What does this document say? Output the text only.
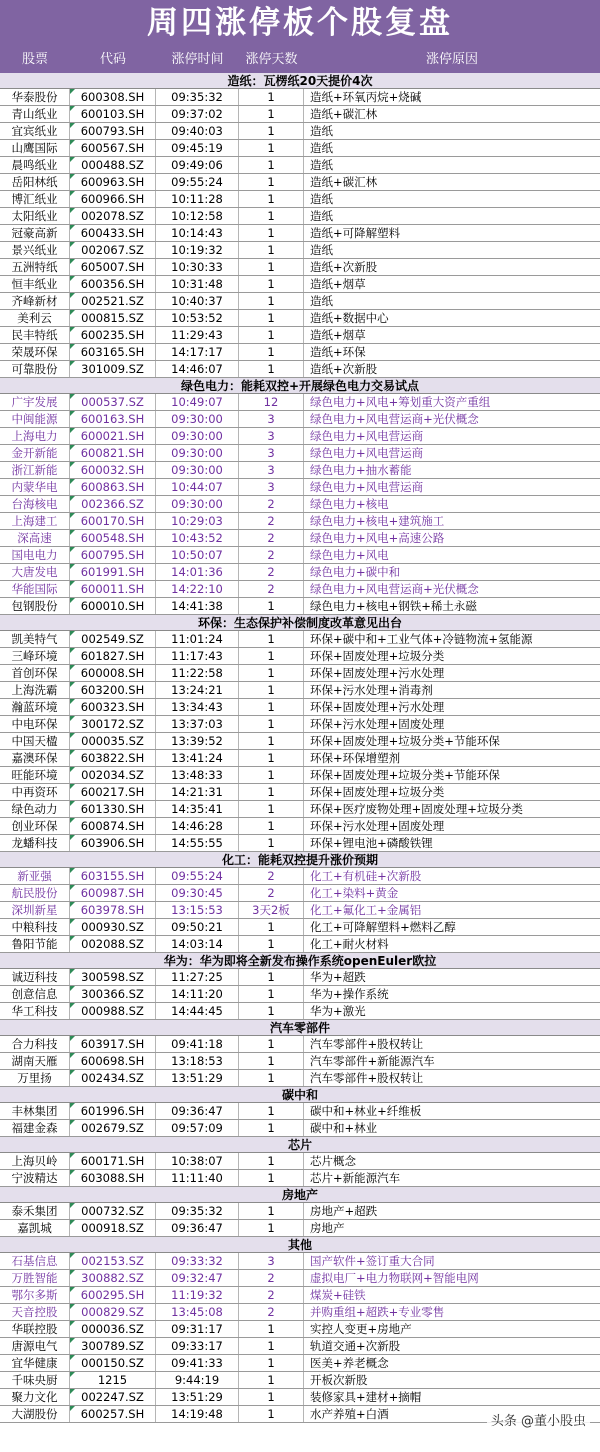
周四涨停板个股复盘
股票	代码	涨停时间	涨停天数	涨停原因
造纸：瓦楞纸20天提价4次
华泰股份	600308.SH	09:35:32	1	造纸+环氧丙烷+烧碱
青山纸业	600103.SH	09:37:02	1	造纸+碳汇林
宜宾纸业	600793.SH	09:40:03	1	造纸
山鹰国际	600567.SH	09:45:19	1	造纸
晨鸣纸业	000488.SZ	09:49:06	1	造纸
岳阳林纸	600963.SH	09:55:24	1	造纸+碳汇林
博汇纸业	600966.SH	10:11:28	1	造纸
太阳纸业	002078.SZ	10:12:58	1	造纸
冠豪高新	600433.SH	10:14:43	1	造纸+可降解塑料
景兴纸业	002067.SZ	10:19:32	1	造纸
五洲特纸	605007.SH	10:30:33	1	造纸+次新股
恒丰纸业	600356.SH	10:31:48	1	造纸+烟草
齐峰新材	002521.SZ	10:40:37	1	造纸
美利云	000815.SZ	10:53:52	1	造纸+数据中心
民丰特纸	600235.SH	11:29:43	1	造纸+烟草
荣晟环保	603165.SH	14:17:17	1	造纸+环保
可靠股份	301009.SZ	14:46:07	1	造纸+次新股
绿色电力：能耗双控+开展绿色电力交易试点
广宇发展	000537.SZ	10:49:07	12	绿色电力+风电+筹划重大资产重组
中闽能源	600163.SH	09:30:00	3	绿色电力+风电营运商+光伏概念
上海电力	600021.SH	09:30:00	3	绿色电力+风电营运商
金开新能	600821.SH	09:30:00	3	绿色电力+风电营运商
浙江新能	600032.SH	09:30:00	3	绿色电力+抽水蓄能
内蒙华电	600863.SH	10:44:07	3	绿色电力+风电营运商
台海核电	002366.SZ	09:30:00	2	绿色电力+核电
上海建工	600170.SH	10:29:03	2	绿色电力+核电+建筑施工
深高速	600548.SH	10:43:52	2	绿色电力+风电+高速公路
国电电力	600795.SH	10:50:07	2	绿色电力+风电
大唐发电	601991.SH	14:01:36	2	绿色电力+碳中和
华能国际	600011.SH	14:22:10	2	绿色电力+风电营运商+光伏概念
包钢股份	600010.SH	14:41:38	1	绿色电力+核电+钢铁+稀土永磁
环保：生态保护补偿制度改革意见出台
凯美特气	002549.SZ	11:01:24	1	环保+碳中和+工业气体+冷链物流+氢能源
三峰环境	601827.SH	11:17:43	1	环保+固废处理+垃圾分类
首创环保	600008.SH	11:22:58	1	环保+固废处理+污水处理
上海洗霸	603200.SH	13:24:21	1	环保+污水处理+消毒剂
瀚蓝环境	600323.SH	13:34:43	1	环保+固废处理+污水处理
中电环保	300172.SZ	13:37:03	1	环保+污水处理+固废处理
中国天楹	000035.SZ	13:39:52	1	环保+固废处理+垃圾分类+节能环保
嘉澳环保	603822.SH	13:41:24	1	环保+环保增塑剂
旺能环境	002034.SZ	13:48:33	1	环保+固废处理+垃圾分类+节能环保
中再资环	600217.SH	14:21:31	1	环保+固废处理+垃圾分类
绿色动力	601330.SH	14:35:41	1	环保+医疗废物处理+固废处理+垃圾分类
创业环保	600874.SH	14:46:28	1	环保+污水处理+固废处理
龙蟠科技	603906.SH	14:55:55	1	环保+锂电池+磷酸铁锂
化工：能耗双控提升涨价预期
新亚强	603155.SH	09:55:24	2	化工+有机硅+次新股
航民股份	600987.SH	09:30:45	2	化工+染料+黄金
深圳新星	603978.SH	13:15:53	3天2板	化工+氟化工+金属铝
中粮科技	000930.SZ	09:50:21	1	化工+可降解塑料+燃料乙醇
鲁阳节能	002088.SZ	14:03:14	1	化工+耐火材料
华为：华为即将全新发布操作系统openEuler欧拉
诚迈科技	300598.SZ	11:27:25	1	华为+超跌
创意信息	300366.SZ	14:11:20	1	华为+操作系统
华工科技	000988.SZ	14:44:45	1	华为+激光
汽车零部件
合力科技	603917.SH	09:41:18	1	汽车零部件+股权转让
湖南天雁	600698.SH	13:18:53	1	汽车零部件+新能源汽车
万里扬	002434.SZ	13:51:29	1	汽车零部件+股权转让
碳中和
丰林集团	601996.SH	09:36:47	1	碳中和+林业+纤维板
福建金森	002679.SZ	09:57:09	1	碳中和+林业
芯片
上海贝岭	600171.SH	10:38:07	1	芯片概念
宁波精达	603088.SH	11:11:40	1	芯片+新能源汽车
房地产
泰禾集团	000732.SZ	09:35:32	1	房地产+超跌
嘉凯城	000918.SZ	09:36:47	1	房地产
其他
石基信息	002153.SZ	09:33:32	3	国产软件+签订重大合同
万胜智能	300882.SZ	09:32:47	2	虚拟电厂+电力物联网+智能电网
鄂尔多斯	600295.SH	11:19:32	2	煤炭+硅铁
天音控股	000829.SZ	13:45:08	2	并购重组+超跌+专业零售
华联控股	000036.SZ	09:31:17	1	实控人变更+房地产
唐源电气	300789.SZ	09:33:17	1	轨道交通+次新股
宜华健康	000150.SZ	09:41:33	1	医美+养老概念
千味央厨	1215	9:44:19	1	开板次新股
聚力文化	002247.SZ	13:51:29	1	装修家具+建材+摘帽
大湖股份	600257.SH	14:19:48	1	水产养殖+白酒	头条 @董小股虫
